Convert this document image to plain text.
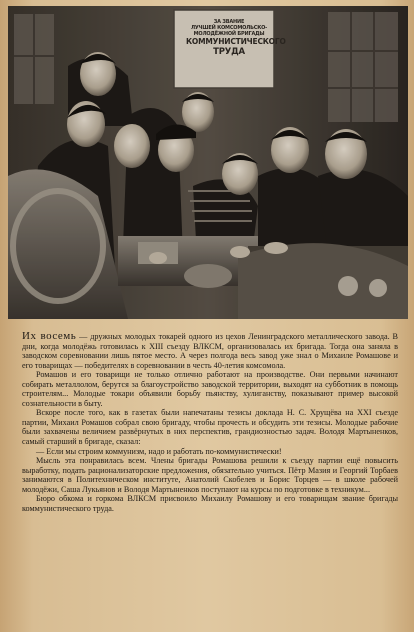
ЗА ЗВАНИЕ
ЛУЧШЕЙ КОМСОМОЛЬСКО-МОЛОДЁЖНОЙ БРИГАДЫ
КОММУНИСТИЧЕСКОГО
ТРУДА

Их восемь — дружных молодых токарей одного из цехов Ленинградского металлического завода. В дни, когда молодёжь готовилась к XIII съезду ВЛКСМ, организовалась их бригада. Тогда она заняла в заводском соревновании лишь пятое место. А через полгода весь завод уже знал о Михаиле Ромашове и его товарищах — победителях в соревновании в честь 40-летия комсомола.

Ромашов и его товарищи не только отлично работают на производстве. Они первыми начинают собирать металлолом, берутся за благоустройство заводской территории, выходят на субботник в помощь строителям... Молодые токари объявили борьбу пьянству, хулиганству, показывают пример высокой сознательности в быту.

Вскоре после того, как в газетах были напечатаны тезисы доклада Н. С. Хрущёва на XXI съезде партии, Михаил Ромашов собрал свою бригаду, чтобы прочесть и обсудить эти тезисы. Молодые рабочие были захвачены величием развёрнутых в них перспектив, грандиозностью задач. Володя Мартыненков, самый старший в бригаде, сказал:

— Если мы строим коммунизм, надо и работать по-коммунистически!

Мысль эта понравилась всем. Члены бригады Ромашова решили к съезду партии ещё повысить выработку, подать рационализаторские предложения, обязательно учиться. Пётр Мазия и Георгий Торбаев занимаются в Политехническом институте, Анатолий Скобелев и Борис Торцев — в школе рабочей молодёжи, Саша Лукьянов и Володя Мартыненков поступают на курсы по подготовке в техникум...

Бюро обкома и горкома ВЛКСМ присвоило Михаилу Ромашову и его товарищам звание бригады коммунистического труда.
